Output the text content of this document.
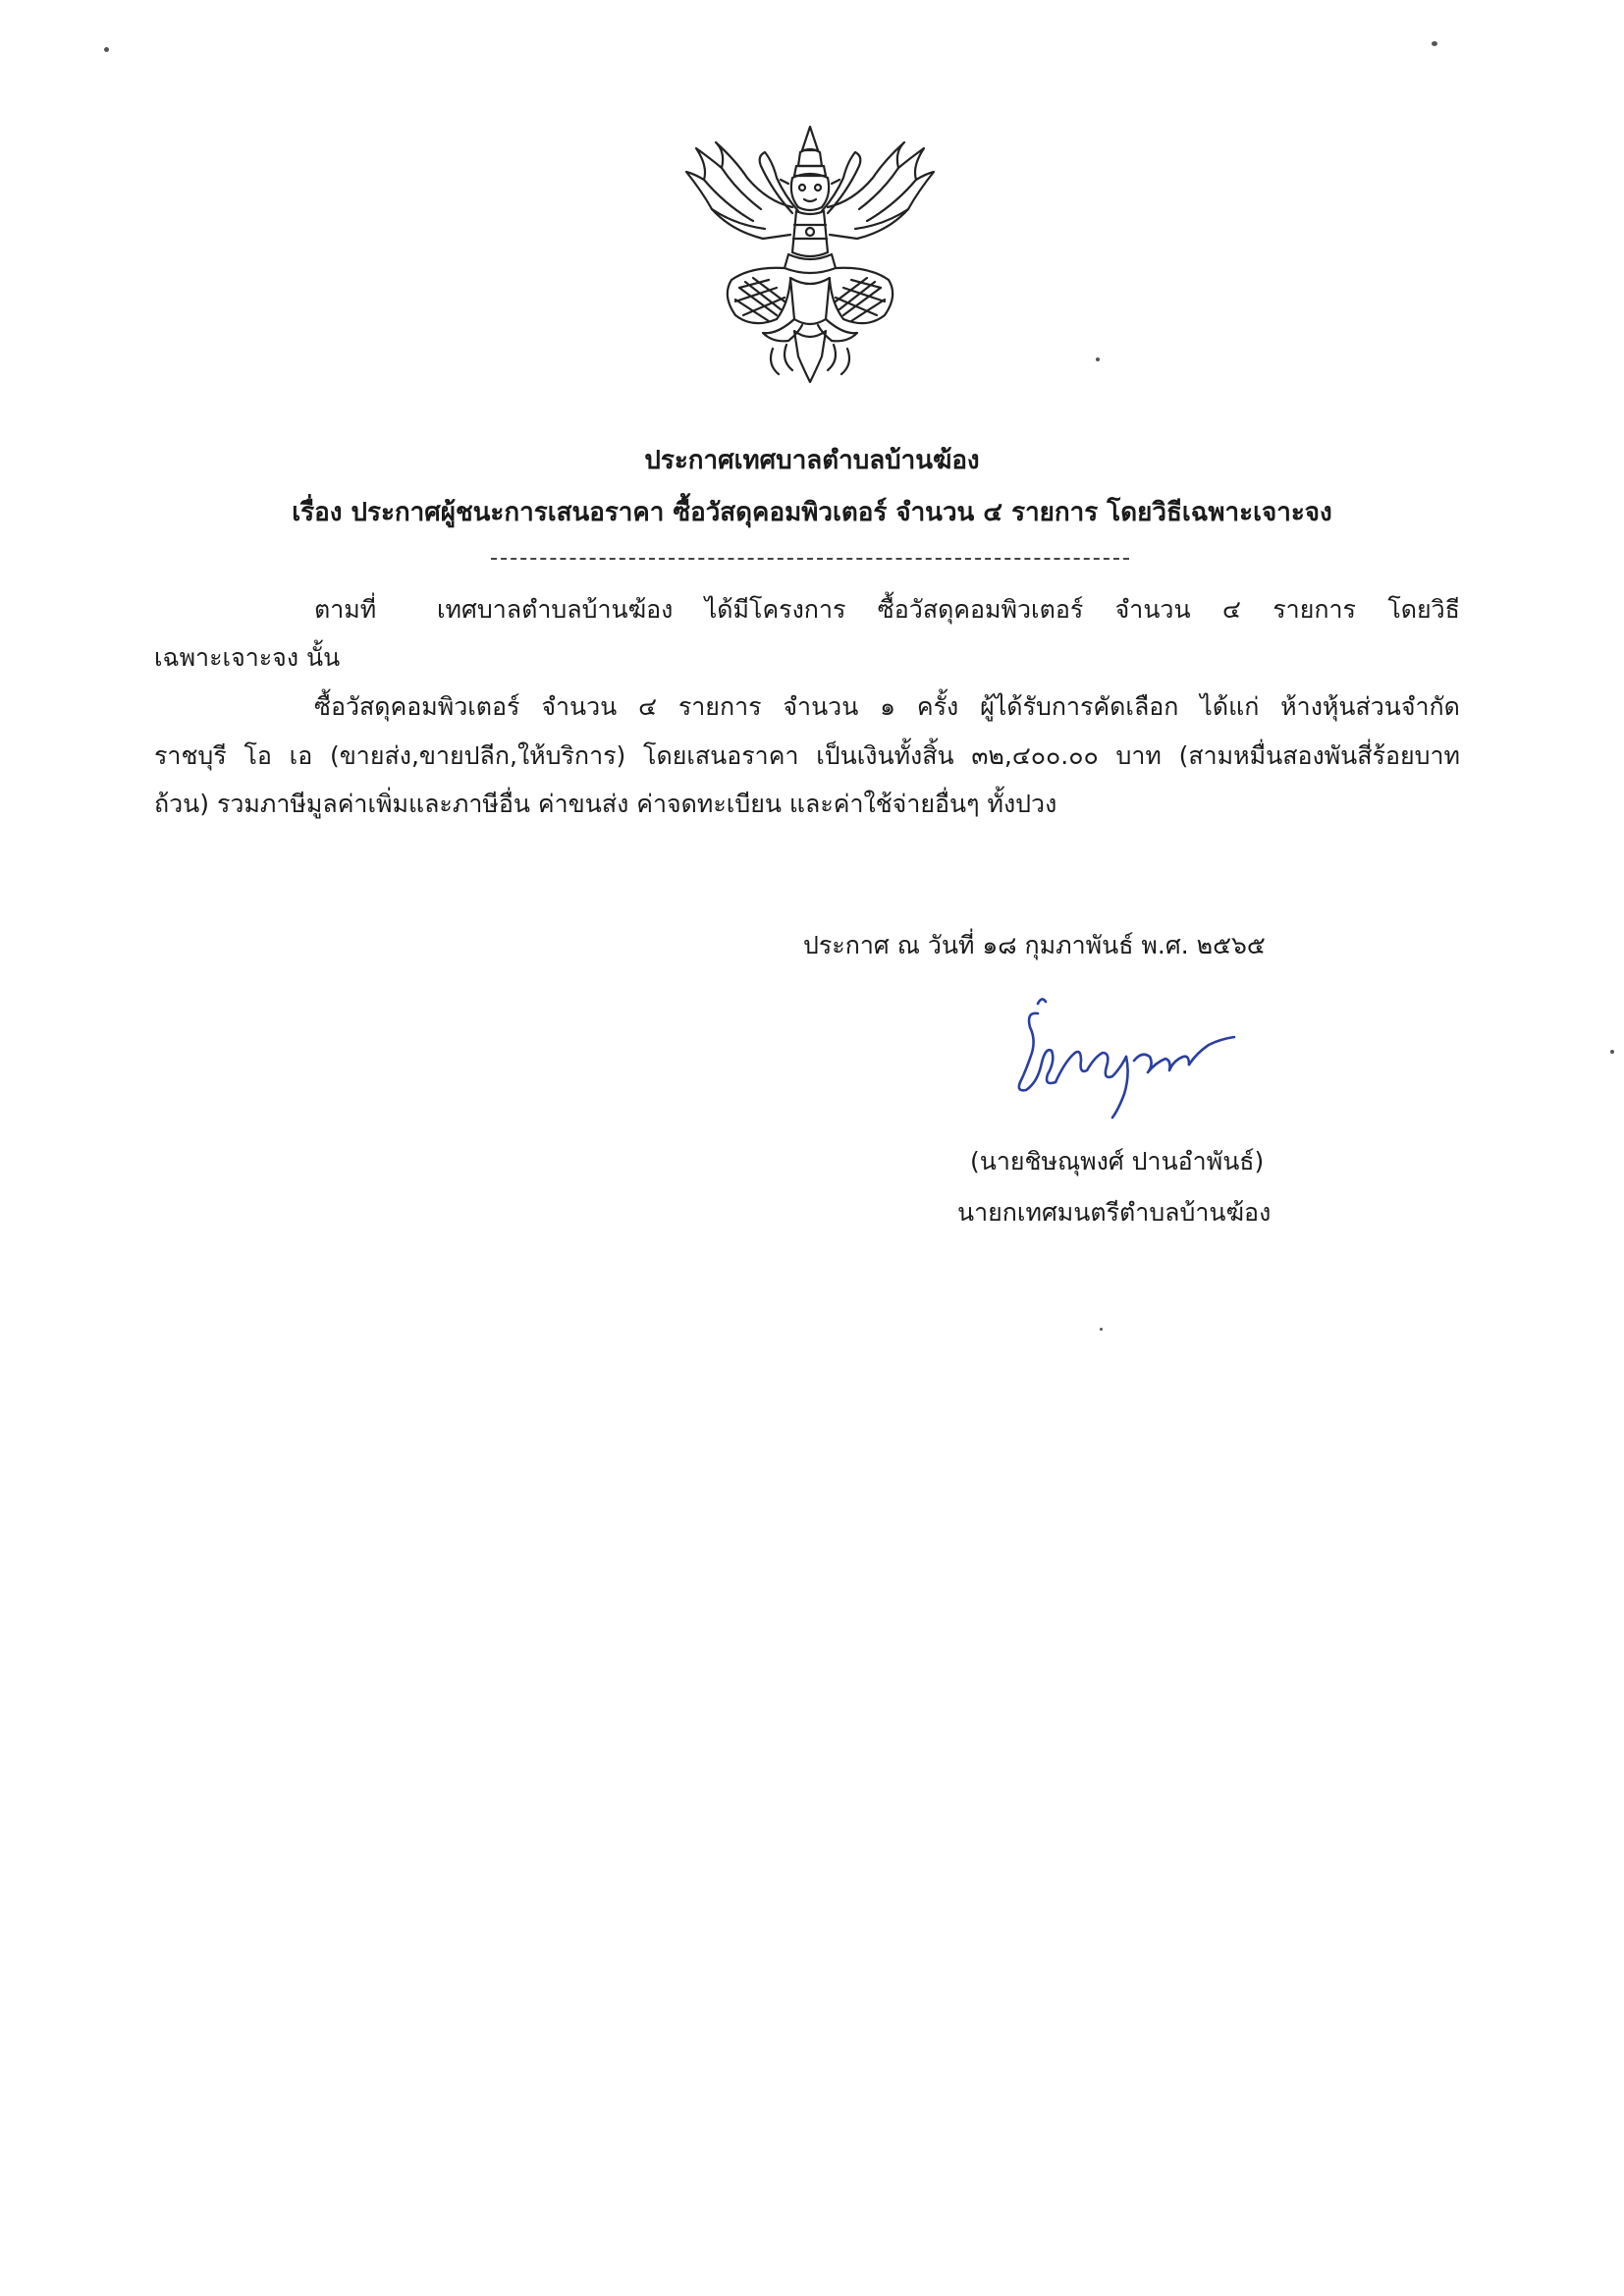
ประกาศเทศบาลตำบลบ้านฆ้อง
เรื่อง ประกาศผู้ชนะการเสนอราคา ซื้อวัสดุคอมพิวเตอร์ จำนวน ๔ รายการ โดยวิธีเฉพาะเจาะจง
ตามที่ เทศบาลตำบลบ้านฆ้อง ได้มีโครงการ ซื้อวัสดุคอมพิวเตอร์ จำนวน ๔ รายการ โดยวิธี
เฉพาะเจาะจง นั้น
ซื้อวัสดุคอมพิวเตอร์ จำนวน ๔ รายการ จำนวน ๑ ครั้ง ผู้ได้รับการคัดเลือก ได้แก่ ห้างหุ้นส่วนจำกัด
ราชบุรี โอ เอ (ขายส่ง,ขายปลีก,ให้บริการ) โดยเสนอราคา เป็นเงินทั้งสิ้น ๓๒,๔๐๐.๐๐ บาท (สามหมื่นสองพันสี่ร้อยบาท
ถ้วน) รวมภาษีมูลค่าเพิ่มและภาษีอื่น ค่าขนส่ง ค่าจดทะเบียน และค่าใช้จ่ายอื่นๆ ทั้งปวง
ประกาศ ณ วันที่ ๑๘ กุมภาพันธ์ พ.ศ. ๒๕๖๕
(นายชิษณุพงศ์ ปานอำพันธ์)
นายกเทศมนตรีตำบลบ้านฆ้อง
